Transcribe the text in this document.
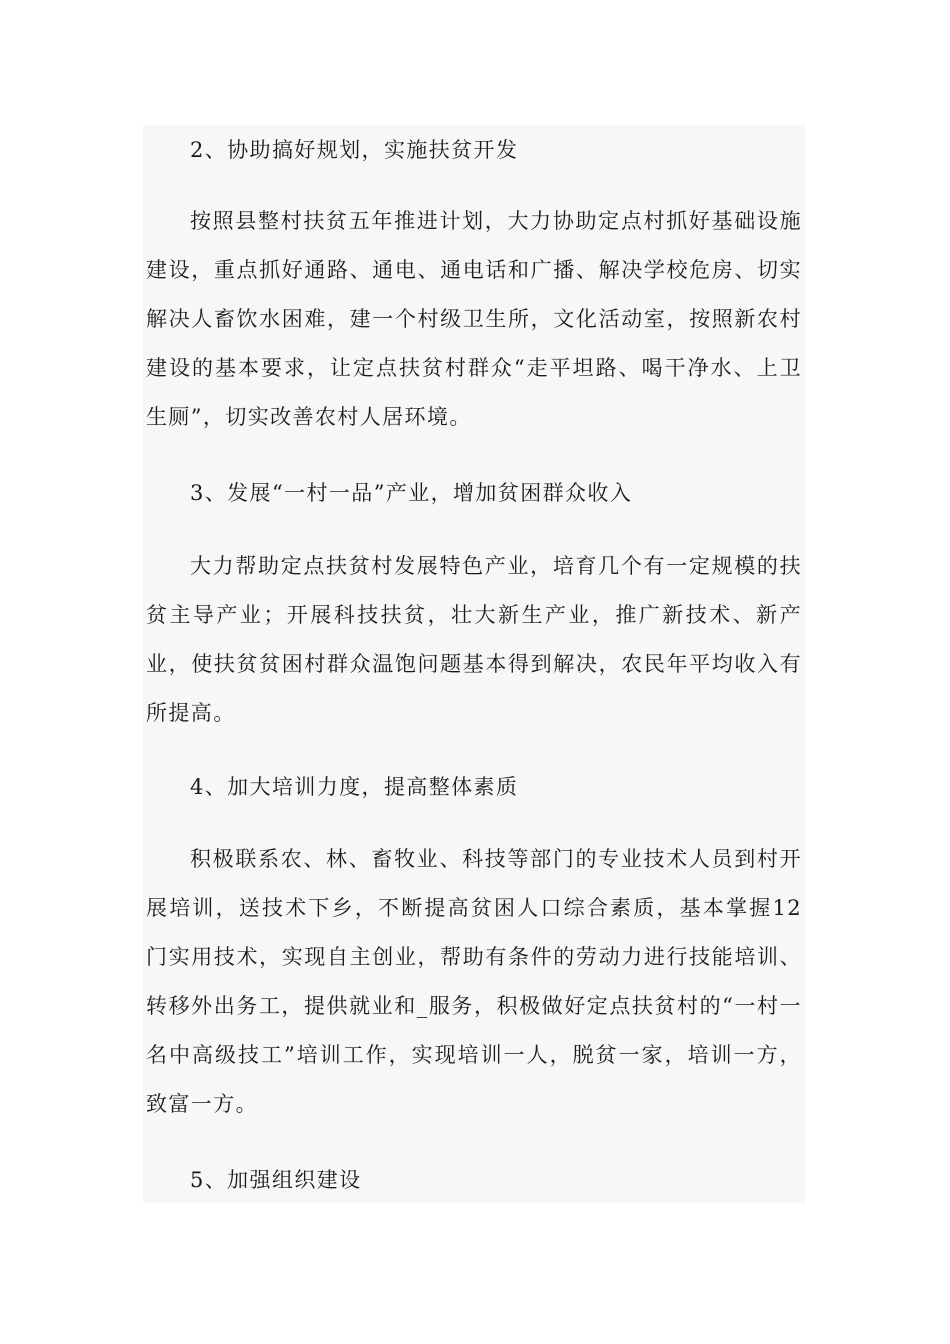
2、协助搞好规划，实施扶贫开发

按照县整村扶贫五年推进计划，大力协助定点村抓好基础设施建设，重点抓好通路、通电、通电话和广播、解决学校危房、切实解决人畜饮水困难，建一个村级卫生所，文化活动室，按照新农村建设的基本要求，让定点扶贫村群众“走平坦路、喝干净水、上卫生厕”，切实改善农村人居环境。

3、发展“一村一品”产业，增加贫困群众收入

大力帮助定点扶贫村发展特色产业，培育几个有一定规模的扶贫主导产业；开展科技扶贫，壮大新生产业，推广新技术、新产业，使扶贫贫困村群众温饱问题基本得到解决，农民年平均收入有所提高。

4、加大培训力度，提高整体素质

积极联系农、林、畜牧业、科技等部门的专业技术人员到村开展培训，送技术下乡，不断提高贫困人口综合素质，基本掌握12门实用技术，实现自主创业，帮助有条件的劳动力进行技能培训、转移外出务工，提供就业和_服务，积极做好定点扶贫村的“一村一名中高级技工”培训工作，实现培训一人，脱贫一家，培训一方，致富一方。

5、加强组织建设
